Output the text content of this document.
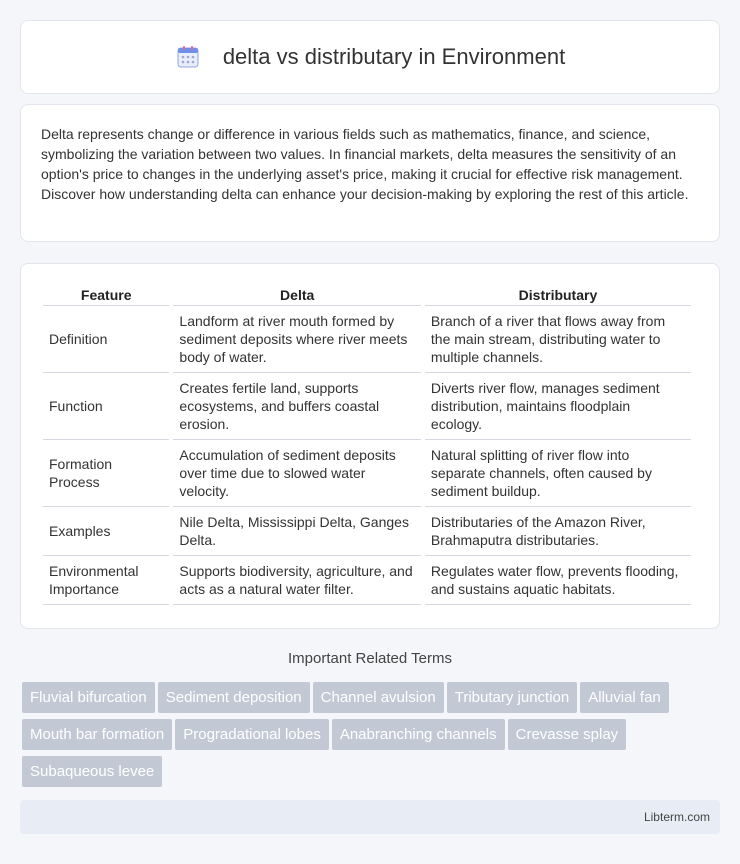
delta vs distributary in Environment

Delta represents change or difference in various fields such as mathematics, finance, and science, symbolizing the variation between two values. In financial markets, delta measures the sensitivity of an option's price to changes in the underlying asset's price, making it crucial for effective risk management. Discover how understanding delta can enhance your decision-making by exploring the rest of this article.

Feature	Delta	Distributary
Definition	Landform at river mouth formed by sediment deposits where river meets body of water.	Branch of a river that flows away from the main stream, distributing water to multiple channels.
Function	Creates fertile land, supports ecosystems, and buffers coastal erosion.	Diverts river flow, manages sediment distribution, maintains floodplain ecology.
Formation Process	Accumulation of sediment deposits over time due to slowed water velocity.	Natural splitting of river flow into separate channels, often caused by sediment buildup.
Examples	Nile Delta, Mississippi Delta, Ganges Delta.	Distributaries of the Amazon River, Brahmaputra distributaries.
Environmental Importance	Supports biodiversity, agriculture, and acts as a natural water filter.	Regulates water flow, prevents flooding, and sustains aquatic habitats.
Important Related Terms
Fluvial bifurcation Sediment deposition Channel avulsion Tributary junction Alluvial fanMouth bar formation Progradational lobes Anabranching channels Crevasse splaySubaqueous levee
Libterm.com
